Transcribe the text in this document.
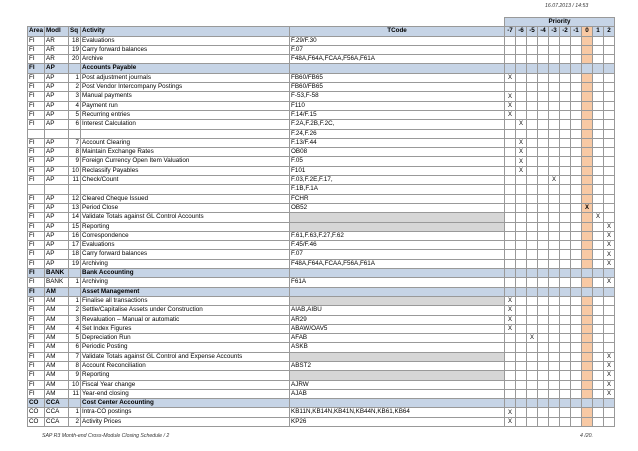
16.07.2013 / 14:53
					Priority									
Area	Modl	Sq	Activity	TCode	-7	-6	-5	-4	-3	-2	-1	0	1	2
FI	AR	18	Evaluations	F.29/F.30										
FI	AR	19	Carry forward balances	F.07										
FI	AR	20	Archive	F48A,F64A,FCAA,F56A,F61A										
FI	AP		Accounts Payable											
FI	AP	1	Post adjustment journals	FB60/FB65	X									
FI	AP	2	Post Vendor Intercompany Postings	FB60/FB65										
FI	AP	3	Manual payments	F-53,F-58	X									
FI	AP	4	Payment run	F110	X									
FI	AP	5	Recurring entries	F.14/F.15	X									
FI	AP	6	Interest Calculation	F.2A,F.2B,F.2C,		X								
				F.24,F.26										
FI	AP	7	Account Clearing	F.13/F.44		X								
FI	AP	8	Maintain Exchange Rates	OB08		X								
FI	AP	9	Foreign Currency Open Item Valuation	F.05		X								
FI	AP	10	Reclassify Payables	F101		X								
FI	AP	11	Check/Count	F.03,F.2E,F.17,					X					
				F.1B,F.1A										
FI	AP	12	Cleared Cheque Issued	FCHR										
FI	AP	13	Period Close	OB52								X		
FI	AP	14	Validate Totals against GL Control Accounts										X	
FI	AP	15	Reporting											X
FI	AP	16	Correspondence	F.61,F.63,F.27,F.62										X
FI	AP	17	Evaluations	F.45/F.46										X
FI	AP	18	Carry forward balances	F.07										X
FI	AP	19	Archiving	F48A,F64A,FCAA,F56A,F61A										X
FI	BANK		Bank Accounting											
FI	BANK	1	Archiving	F61A										X
FI	AM		Asset Management											
FI	AM	1	Finalise all transactions		X									
FI	AM	2	Settle/Capitalise Assets under Construction	AIAB,AIBU	X									
FI	AM	3	Revaluation – Manual or automatic	AR29	X									
FI	AM	4	Set Index Figures	ABAW/OAV5	X									
FI	AM	5	Depreciation Run	AFAB			X							
FI	AM	6	Periodic Posting	ASKB										
FI	AM	7	Validate Totals against GL Control and Expense Accounts											X
FI	AM	8	Account Reconciliation	ABST2										X
FI	AM	9	Reporting											X
FI	AM	10	Fiscal Year change	AJRW										X
FI	AM	11	Year-end closing	AJAB										X
CO	CCA		Cost Center Accounting											
CO	CCA	1	Intra-CO postings	KB11N,KB14N,KB41N,KB44N,KB61,KB64	X									
CO	CCA	2	Activity Prices	KP26	X									
SAP R3 Month-end Cross-Module Closing Schedule / 2	4 /20.
